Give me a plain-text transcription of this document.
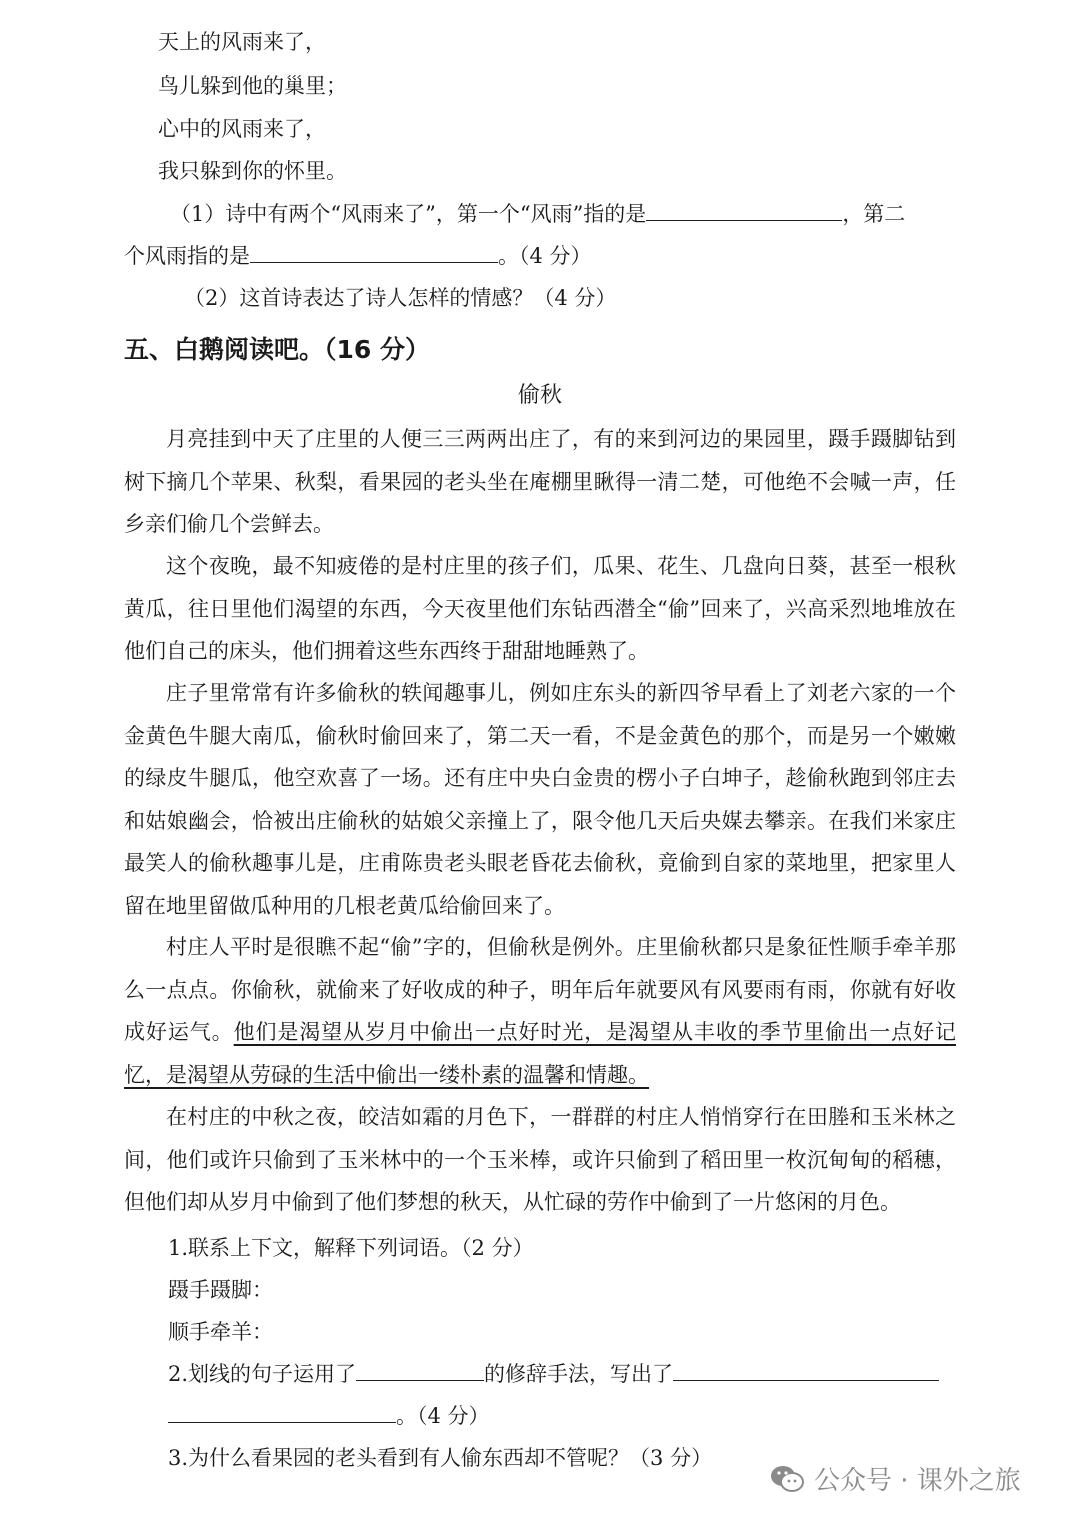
天上的风雨来了，
鸟儿躲到他的巢里；
心中的风雨来了，
我只躲到你的怀里。
（1）诗中有两个“风雨来了”，第一个“风雨”指的是	，第二
个风雨指的是	。（4 分）
（2）这首诗表达了诗人怎样的情感？（4 分）
五、白鹅阅读吧。（16 分）
偷秋

月亮挂到中天了庄里的人便三三两两出庄了，有的来到河边的果园里，蹑手蹑脚钻到树下摘几个苹果、秋梨，看果园的老头坐在庵棚里瞅得一清二楚，可他绝不会喊一声，任乡亲们偷几个尝鲜去。

这个夜晚，最不知疲倦的是村庄里的孩子们，瓜果、花生、几盘向日葵，甚至一根秋黄瓜，往日里他们渴望的东西，今天夜里他们东钻西潜全“偷”回来了，兴高采烈地堆放在他们自己的床头，他们拥着这些东西终于甜甜地睡熟了。

庄子里常常有许多偷秋的轶闻趣事儿，例如庄东头的新四爷早看上了刘老六家的一个金黄色牛腿大南瓜，偷秋时偷回来了，第二天一看，不是金黄色的那个，而是另一个嫩嫩的绿皮牛腿瓜，他空欢喜了一场。还有庄中央白金贵的楞小子白坤子，趁偷秋跑到邻庄去和姑娘幽会，恰被出庄偷秋的姑娘父亲撞上了，限令他几天后央媒去攀亲。在我们米家庄最笑人的偷秋趣事儿是，庄甫陈贵老头眼老昏花去偷秋，竟偷到自家的菜地里，把家里人留在地里留做瓜种用的几根老黄瓜给偷回来了。

村庄人平时是很瞧不起“偷”字的，但偷秋是例外。庄里偷秋都只是象征性顺手牵羊那么一点点。你偷秋，就偷来了好收成的种子，明年后年就要风有风要雨有雨，你就有好收成好运气。他们是渴望从岁月中偷出一点好时光，是渴望从丰收的季节里偷出一点好记忆，是渴望从劳碌的生活中偷出一缕朴素的温馨和情趣。

在村庄的中秋之夜，皎洁如霜的月色下，一群群的村庄人悄悄穿行在田塍和玉米林之间，他们或许只偷到了玉米林中的一个玉米棒，或许只偷到了稻田里一枚沉甸甸的稻穗，但他们却从岁月中偷到了他们梦想的秋天，从忙碌的劳作中偷到了一片悠闲的月色。

1.联系上下文，解释下列词语。（2 分）
蹑手蹑脚：
顺手牵羊：
2.划线的句子运用了	的修辞手法，写出了
。（4 分）
3.为什么看果园的老头看到有人偷东西却不管呢？（3 分）
公众号 · 课外之旅
